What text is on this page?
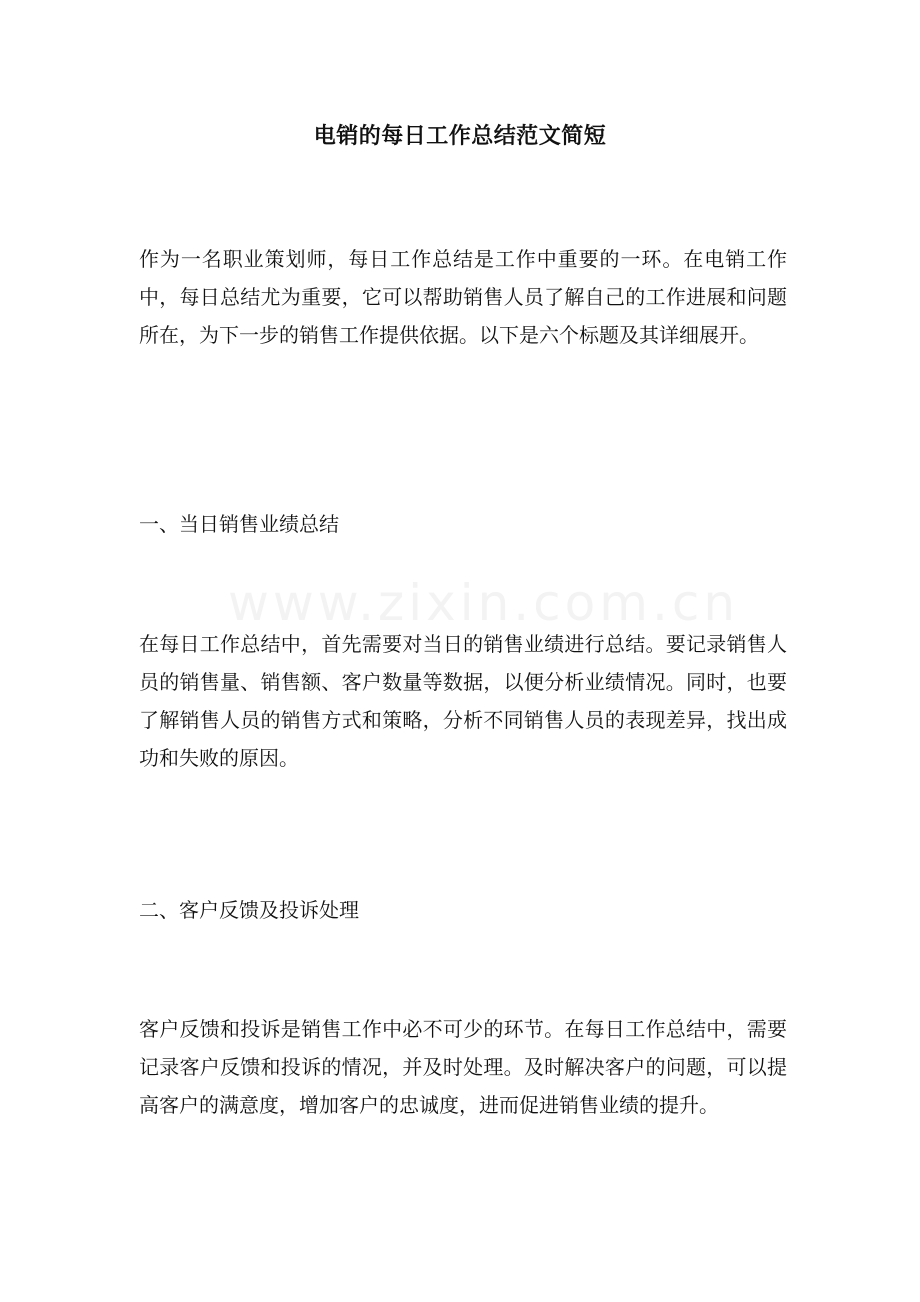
www.zixin.com.cn
电销的每日工作总结范文简短

作为一名职业策划师，每日工作总结是工作中重要的一环。在电销工作中，每日总结尤为重要，它可以帮助销售人员了解自己的工作进展和问题所在，为下一步的销售工作提供依据。以下是六个标题及其详细展开。

一、当日销售业绩总结

在每日工作总结中，首先需要对当日的销售业绩进行总结。要记录销售人员的销售量、销售额、客户数量等数据，以便分析业绩情况。同时，也要了解销售人员的销售方式和策略，分析不同销售人员的表现差异，找出成功和失败的原因。

二、客户反馈及投诉处理

客户反馈和投诉是销售工作中必不可少的环节。在每日工作总结中，需要记录客户反馈和投诉的情况，并及时处理。及时解决客户的问题，可以提高客户的满意度，增加客户的忠诚度，进而促进销售业绩的提升。
